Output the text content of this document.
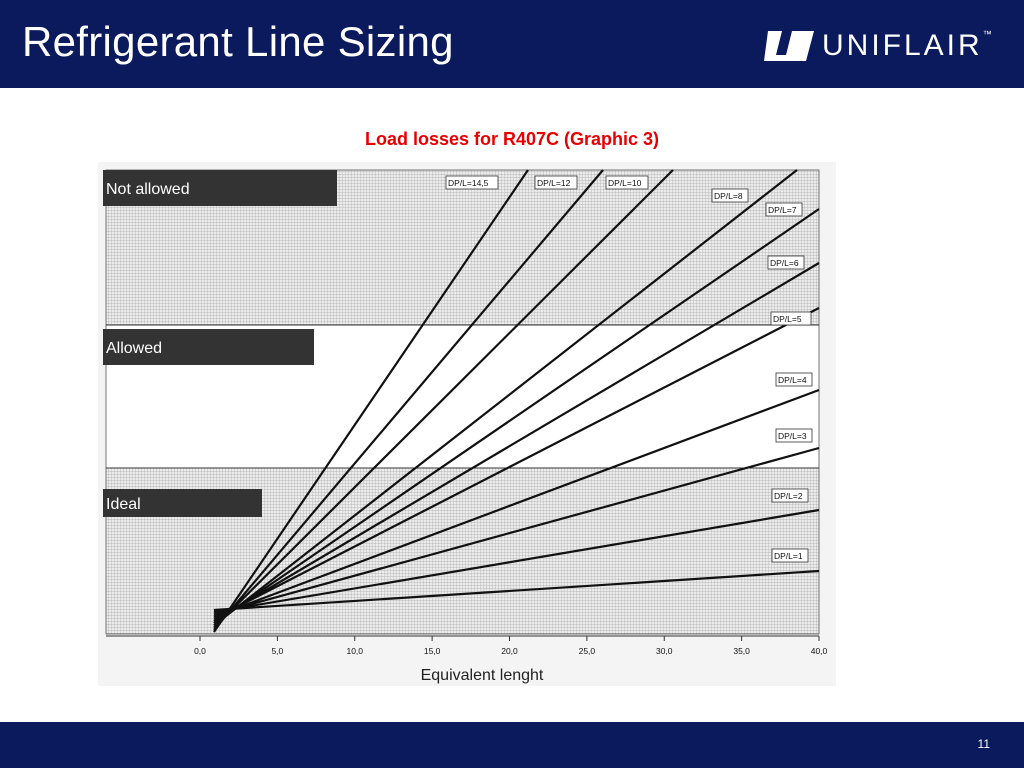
Refrigerant Line Sizing	UNIFLAIR ™
Load losses for R407C (Graphic 3)
Not allowed
Allowed
Ideal
DP/L=14,5	DP/L=12	DP/L=10
DP/L=8
DP/L=7
DP/L=6
DP/L=5
DP/L=4
DP/L=3
DP/L=2
DP/L=1
0,0	5,0	10,0	15,0	20,0	25,0	30,0	35,0	40,0
Equivalent lenght
11
